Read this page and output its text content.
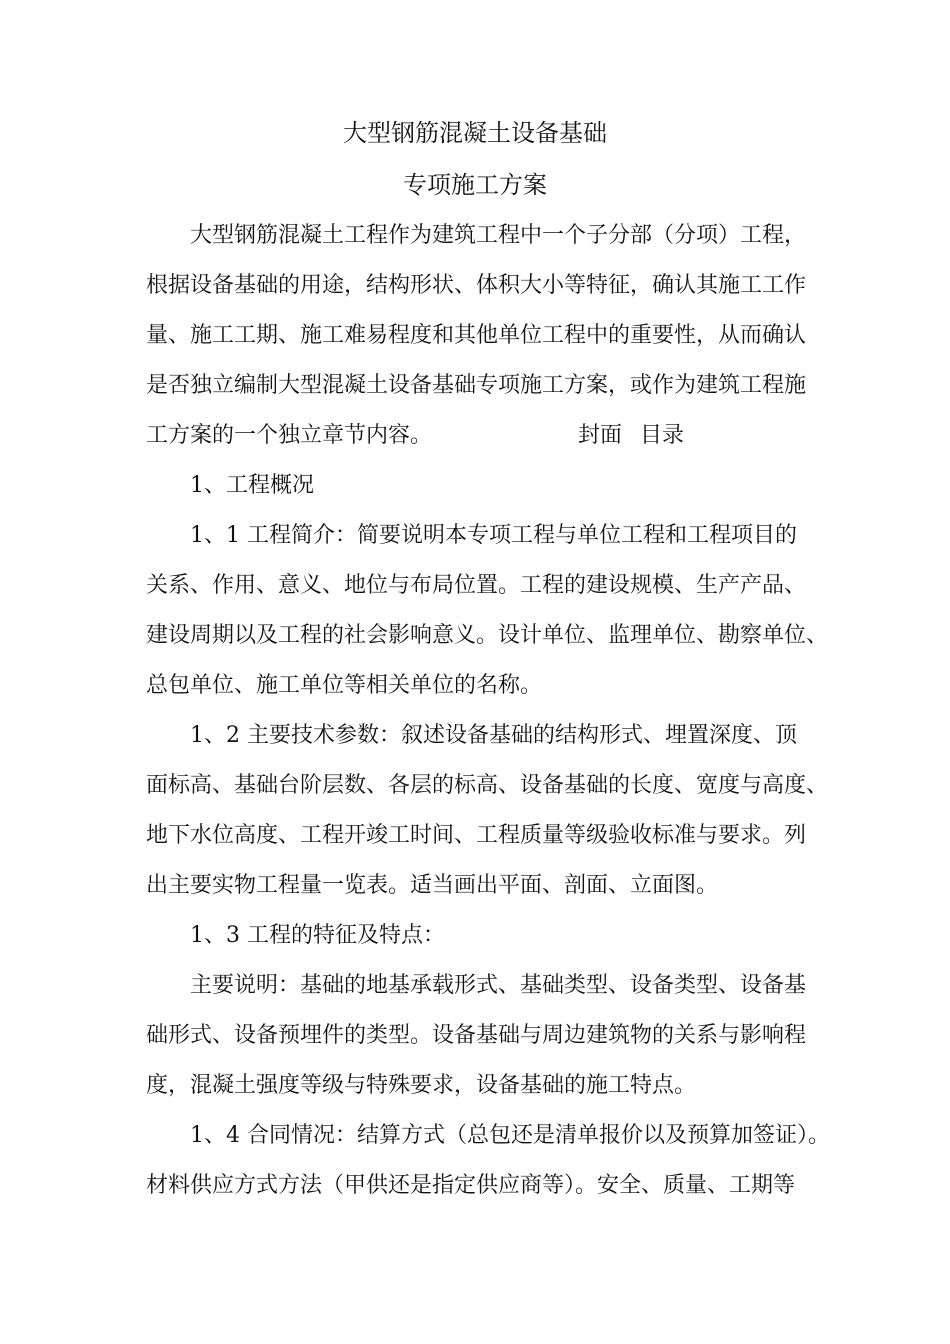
大型钢筋混凝土设备基础
专项施工方案
大型钢筋混凝土工程作为建筑工程中一个子分部（分项）工程，
根据设备基础的用途，结构形状、体积大小等特征，确认其施工工作
量、施工工期、施工难易程度和其他单位工程中的重要性，从而确认
是否独立编制大型混凝土设备基础专项施工方案，或作为建筑工程施
工方案的一个独立章节内容。	封面 目录
1、工程概况
1、1 工程简介：简要说明本专项工程与单位工程和工程项目的
关系、作用、意义、地位与布局位置。工程的建设规模、生产产品、
建设周期以及工程的社会影响意义。设计单位、监理单位、勘察单位、
总包单位、施工单位等相关单位的名称。
1、2 主要技术参数：叙述设备基础的结构形式、埋置深度、顶
面标高、基础台阶层数、各层的标高、设备基础的长度、宽度与高度、
地下水位高度、工程开竣工时间、工程质量等级验收标准与要求。列
出主要实物工程量一览表。适当画出平面、剖面、立面图。
1、3 工程的特征及特点：
主要说明：基础的地基承载形式、基础类型、设备类型、设备基
础形式、设备预埋件的类型。设备基础与周边建筑物的关系与影响程
度，混凝土强度等级与特殊要求，设备基础的施工特点。
1、4 合同情况：结算方式（总包还是清单报价以及预算加签证）。
材料供应方式方法（甲供还是指定供应商等）。安全、质量、工期等
